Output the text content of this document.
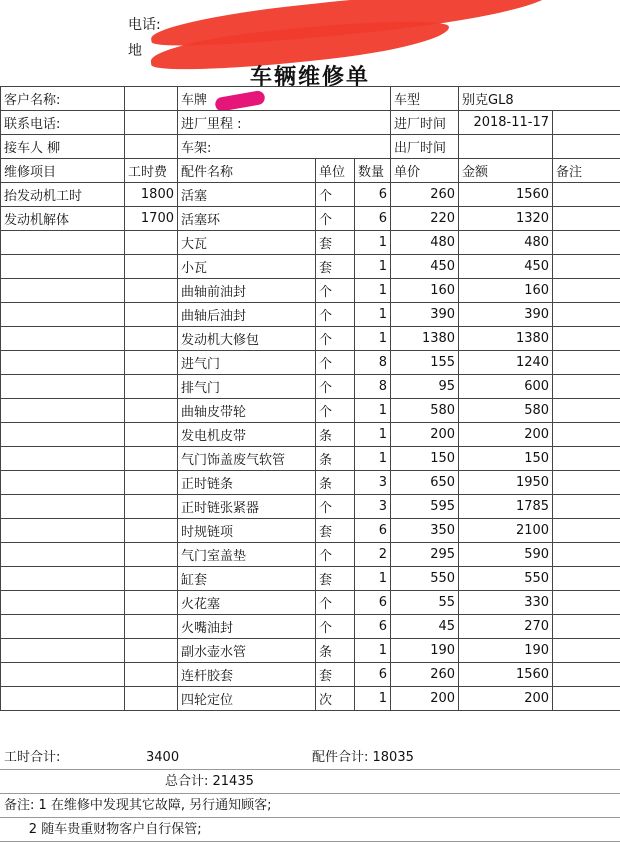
电话:
地
车辆维修单
客户名称:		车牌			车型	别克GL8	
联系电话:		进厂里程 :			进厂时间	2018-11-17	
接车人 柳		车架:			出厂时间		
维修项目	工时费	配件名称	单位	数量	单价	金额	备注
抬发动机工时	1800	活塞	个	6	260	1560	
发动机解体	1700	活塞环	个	6	220	1320	
		大瓦	套	1	480	480	
		小瓦	套	1	450	450	
		曲轴前油封	个	1	160	160	
		曲轴后油封	个	1	390	390	
		发动机大修包	个	1	1380	1380	
		进气门	个	8	155	1240	
		排气门	个	8	95	600	
		曲轴皮带轮	个	1	580	580	
		发电机皮带	条	1	200	200	
		气门饰盖废气软管	条	1	150	150	
		正时链条	条	3	650	1950	
		正时链张紧器	个	3	595	1785	
		时规链项	套	6	350	2100	
		气门室盖垫	个	2	295	590	
		缸套	套	1	550	550	
		火花塞	个	6	55	330	
		火嘴油封	个	6	45	270	
		副水壶水管	条	1	190	190	
		连杆胶套	套	6	260	1560	
		四轮定位	次	1	200	200	
工时合计:	3400	配件合计: 18035
总合计: 21435
备注: 1 在维修中发现其它故障, 另行通知顾客;
2 随车贵重财物客户自行保管;
